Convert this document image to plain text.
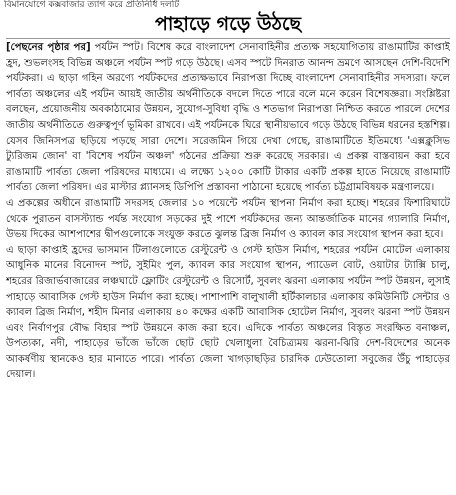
বিমানযোগে কক্সবাজার ত্যাগ করে প্রতিনিধি দলটি
পাহাড়ে গড়ে উঠছে

[পেছনের পৃষ্ঠার পর] পর্যটন স্পট। বিশেষ করে বাংলাদেশ সেনাবাহিনীর প্রত্যক্ষ সহযোগিতায় রাঙামাটির কাপ্তাই হ্রদ, শুভলংসহ বিভিন্ন অঞ্চলে পর্যটন স্পট গড়ে উঠছে। এসব স্পটে দিনরাত আনন্দ ভ্রমণে আসছেন দেশি-বিদেশি পর্যটকরা। এ ছাড়া গহিন অরণ্যে পর্যটকদের প্রত্যক্ষভাবে নিরাপত্তা দিচ্ছে বাংলাদেশ সেনাবাহিনীর সদস্যরা। ফলে পার্বত্য অঞ্চলের এই পর্যটন আয়ই জাতীয় অর্থনীতিকে বদলে দিতে পারে বলে মনে করেন বিশেষজ্ঞরা। সংশ্লিষ্টরা বলছেন, প্রয়োজনীয় অবকাঠামোর উন্নয়ন, সুযোগ-সুবিধা বৃদ্ধি ও শতভাগ নিরাপত্তা নিশ্চিত করতে পারলে দেশের জাতীয় অর্থনীতিতে গুরুত্বপূর্ণ ভূমিকা রাখবে। এই পর্যটনকে ঘিরে স্থানীয়ভাবে গড়ে উঠছে বিভিন্ন ধরনের হস্তশিল্প। যেসব জিনিসপত্র ছড়িয়ে পড়ছে সারা দেশে। সরেজমিন গিয়ে দেখা গেছে, রাঙামাটিতে ইতিমধ্যে 'এক্সক্লুসিভ ট্যুরিজম জোন' বা 'বিশেষ পর্যটন অঞ্চল' গঠনের প্রক্রিয়া শুরু করেছে সরকার। এ প্রকল্প বাস্তবায়ন করা হবে রাঙামাটি পার্বত্য জেলা পরিষদের মাধ্যমে। এ লক্ষ্যে ১২০০ কোটি টাকার একটি প্রকল্প হাতে নিয়েছে রাঙামাটি পার্বত্য জেলা পরিষদ। এর মাস্টার প্ল্যানসহ ডিপিপি প্রস্তাবনা পাঠানো হয়েছে পার্বত্য চট্টগ্রামবিষয়ক মন্ত্রণালয়ে।

এ প্রকল্পের অধীনে রাঙামাটি সদরসহ জেলার ১০ পয়েন্টে পর্যটন স্থাপনা নির্মাণ করা হচ্ছে। শহরের ফিশারিঘাটে থেকে পুরাতন বাসস্ট্যান্ড পর্যন্ত সংযোগ সড়কের দুই পাশে পর্যটকদের জন্য আন্তর্জাতিক মানের গ্যালারি নির্মাণ, উভয় দিকের আশপাশের দ্বীপগুলোকে সংযুক্ত করতে ঝুলন্ত ব্রিজ নির্মাণ ও ক্যাবল কার সংযোগ স্থাপন করা হবে।

এ ছাড়া কাপ্তাই হ্রদের ভাসমান টিলাগুলোতে রেস্টুরেন্ট ও গেস্ট হাউস নির্মাণ, শহরের পর্যটন মোটেল এলাকায় আধুনিক মানের বিনোদন স্পট, সুইমিং পুল, ক্যাবল কার সংযোগ স্থাপন, প্যাডেল বোট, ওয়াটার ট্যাক্সি চালু, শহরের রিজার্ভবাজারের লঞ্চঘাটে ফ্লোটিং রেস্টুরেন্ট ও রিসোর্ট, সুবলং ঝরনা এলাকায় পর্যটন স্পট উন্নয়ন, লুসাই পাহাড়ে আবাসিক গেস্ট হাউস নির্মাণ করা হচ্ছে। পাশাপাশি বালুখালী হর্টিকালচার এলাকায় কমিউনিটি সেন্টার ও ক্যাবল ব্রিজ নির্মাণ, শহীদ মিনার এলাকায় ৪০ কক্ষের একটি আবাসিক হোটেল নির্মাণ, সুবলং ঝরনা স্পট উন্নয়ন এবং নির্বাণপুর বৌদ্ধ বিহার স্পট উন্নয়নে কাজ করা হবে। এদিকে পার্বত্য অঞ্চলের বিস্তৃত সংরক্ষিত বনাঞ্চল, উপত্যকা, নদী, পাহাড়ের ভাঁজে ভাঁজে ছোট ছোট খেলাধুলা বৈচিত্র্যময় ঝরনা-ঝিরি দেশ-বিদেশের অনেক আকর্ষণীয় স্থানকেও হার মানাতে পারে। পার্বত্য জেলা খাগড়াছড়ির চারদিক ঢেউতোলা সবুজের উঁচু পাহাড়ের দেয়াল।
